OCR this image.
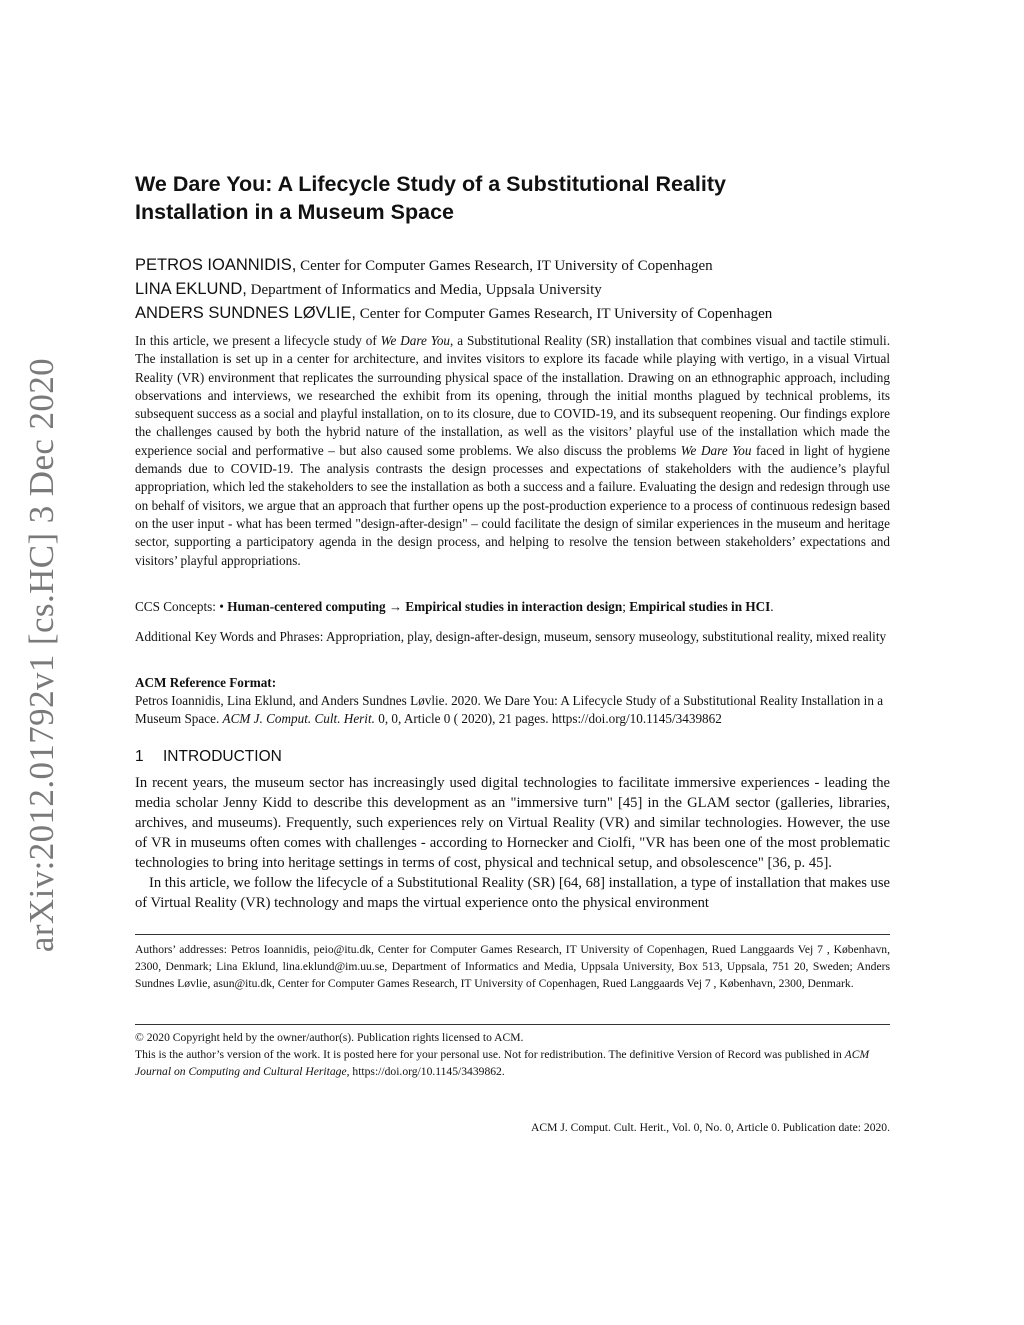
arXiv:2012.01792v1 [cs.HC] 3 Dec 2020
We Dare You: A Lifecycle Study of a Substitutional Reality
Installation in a Museum Space
PETROS IOANNIDIS, Center for Computer Games Research, IT University of Copenhagen
LINA EKLUND, Department of Informatics and Media, Uppsala University
ANDERS SUNDNES LØVLIE, Center for Computer Games Research, IT University of Copenhagen

In this article, we present a lifecycle study of We Dare You, a Substitutional Reality (SR) installation that combines visual and tactile stimuli. The installation is set up in a center for architecture, and invites visitors to explore its facade while playing with vertigo, in a visual Virtual Reality (VR) environment that replicates the surrounding physical space of the installation. Drawing on an ethnographic approach, including observations and interviews, we researched the exhibit from its opening, through the initial months plagued by technical problems, its subsequent success as a social and playful installation, on to its closure, due to COVID-19, and its subsequent reopening. Our findings explore the challenges caused by both the hybrid nature of the installation, as well as the visitors’ playful use of the installation which made the experience social and performative – but also caused some problems. We also discuss the problems We Dare You faced in light of hygiene demands due to COVID-19. The analysis contrasts the design processes and expectations of stakeholders with the audience’s playful appropriation, which led the stakeholders to see the installation as both a success and a failure. Evaluating the design and redesign through use on behalf of visitors, we argue that an approach that further opens up the post-production experience to a process of continuous redesign based on the user input - what has been termed "design-after-design" – could facilitate the design of similar experiences in the museum and heritage sector, supporting a participatory agenda in the design process, and helping to resolve the tension between stakeholders’ expectations and visitors’ playful appropriations.

CCS Concepts: • Human-centered computing → Empirical studies in interaction design; Empirical studies in HCI.

Additional Key Words and Phrases: Appropriation, play, design-after-design, museum, sensory museology, substitutional reality, mixed reality

ACM Reference Format:
Petros Ioannidis, Lina Eklund, and Anders Sundnes Løvlie. 2020. We Dare You: A Lifecycle Study of a Substitutional Reality Installation in a Museum Space. ACM J. Comput. Cult. Herit. 0, 0, Article 0 ( 2020), 21 pages. https://doi.org/10.1145/3439862
1 INTRODUCTION

In recent years, the museum sector has increasingly used digital technologies to facilitate immersive experiences - leading the media scholar Jenny Kidd to describe this development as an "immersive turn" [45] in the GLAM sector (galleries, libraries, archives, and museums). Frequently, such experiences rely on Virtual Reality (VR) and similar technologies. However, the use of VR in museums often comes with challenges - according to Hornecker and Ciolfi, "VR has been one of the most problematic technologies to bring into heritage settings in terms of cost, physical and technical setup, and obsolescence" [36, p. 45].

In this article, we follow the lifecycle of a Substitutional Reality (SR) [64, 68] installation, a type of installation that makes use of Virtual Reality (VR) technology and maps the virtual experience onto the physical environment

Authors’ addresses: Petros Ioannidis, peio@itu.dk, Center for Computer Games Research, IT University of Copenhagen, Rued Langgaards Vej 7 , København, 2300, Denmark; Lina Eklund, lina.eklund@im.uu.se, Department of Informatics and Media, Uppsala University, Box 513, Uppsala, 751 20, Sweden; Anders Sundnes Løvlie, asun@itu.dk, Center for Computer Games Research, IT University of Copenhagen, Rued Langgaards Vej 7 , København, 2300, Denmark.

© 2020 Copyright held by the owner/author(s). Publication rights licensed to ACM.

This is the author’s version of the work. It is posted here for your personal use. Not for redistribution. The definitive Version of Record was published in ACM Journal on Computing and Cultural Heritage, https://doi.org/10.1145/3439862.

ACM J. Comput. Cult. Herit., Vol. 0, No. 0, Article 0. Publication date: 2020.
